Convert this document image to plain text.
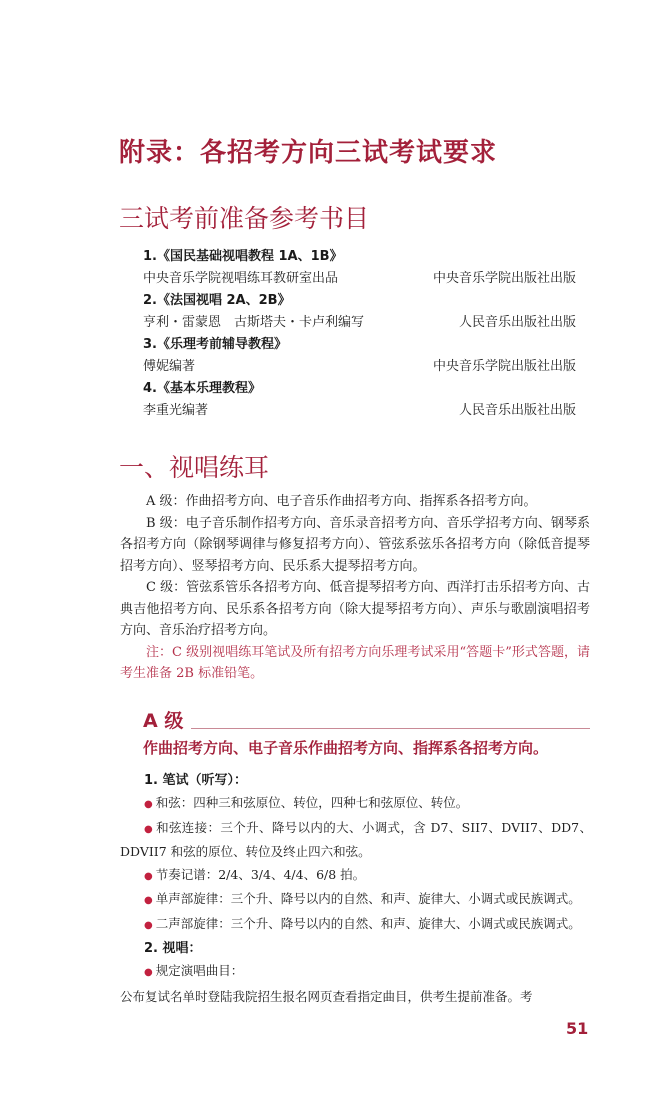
附录：各招考方向三试考试要求
三试考前准备参考书目
1.《国民基础视唱教程 1A、1B》
中央音乐学院视唱练耳教研室出品	中央音乐学院出版社出版
2.《法国视唱 2A、2B》
亨利・雷蒙恩　古斯塔夫・卡卢利编写	人民音乐出版社出版
3.《乐理考前辅导教程》
傅妮编著	中央音乐学院出版社出版
4.《基本乐理教程》
李重光编著	人民音乐出版社出版
一、视唱练耳

A 级：作曲招考方向、电子音乐作曲招考方向、指挥系各招考方向。

B 级：电子音乐制作招考方向、音乐录音招考方向、音乐学招考方向、钢琴系各招考方向（除钢琴调律与修复招考方向）、管弦系弦乐各招考方向（除低音提琴招考方向）、竖琴招考方向、民乐系大提琴招考方向。

C 级：管弦系管乐各招考方向、低音提琴招考方向、西洋打击乐招考方向、古典吉他招考方向、民乐系各招考方向（除大提琴招考方向）、声乐与歌剧演唱招考方向、音乐治疗招考方向。

注：C 级别视唱练耳笔试及所有招考方向乐理考试采用“答题卡”形式答题，请考生准备 2B 标准铅笔。

A 级
作曲招考方向、电子音乐作曲招考方向、指挥系各招考方向。
1. 笔试（听写）：

● 和弦：四种三和弦原位、转位，四种七和弦原位、转位。

● 和弦连接：三个升、降号以内的大、小调式，含 D7、SII7、DVII7、DD7、DDVII7 和弦的原位、转位及终止四六和弦。

● 节奏记谱：2/4、3/4、4/4、6/8 拍。

● 单声部旋律：三个升、降号以内的自然、和声、旋律大、小调式或民族调式。

● 二声部旋律：三个升、降号以内的自然、和声、旋律大、小调式或民族调式。

2. 视唱：

● 规定演唱曲目：

公布复试名单时登陆我院招生报名网页查看指定曲目，供考生提前准备。考

51
